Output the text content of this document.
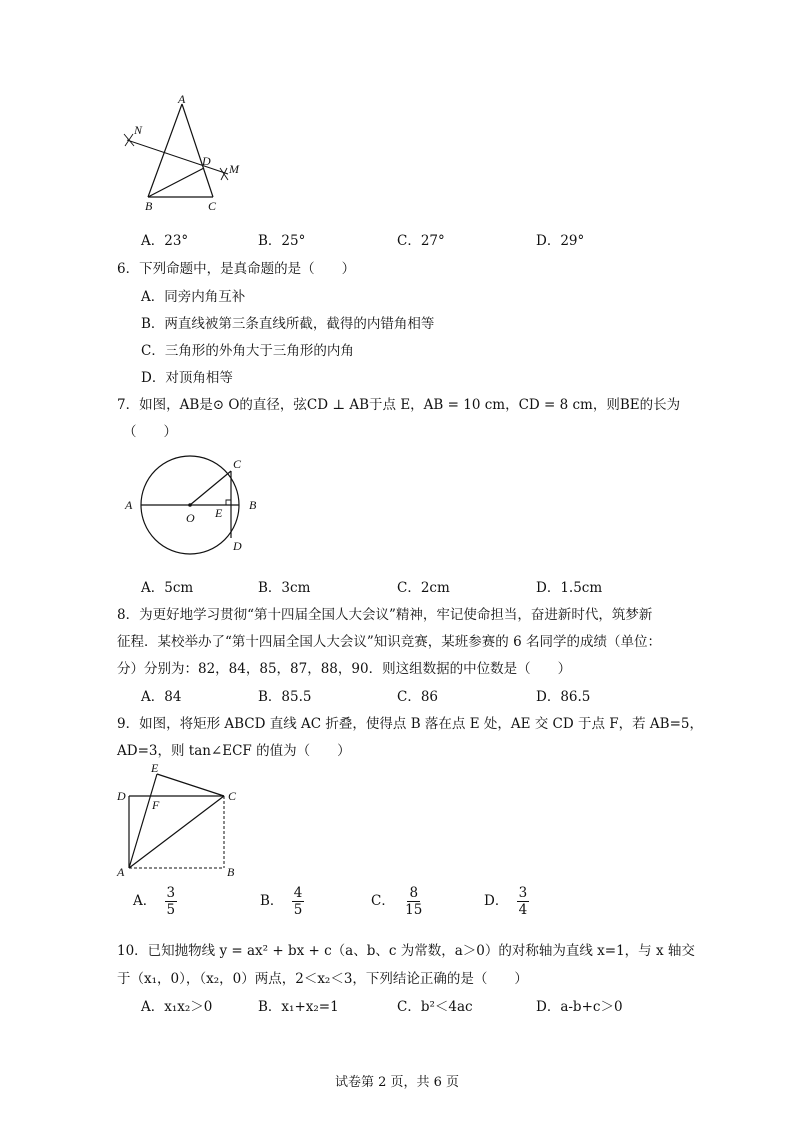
A
N
D
M
B	C
A．23°	B．25°	C．27°	D．29°
6．下列命题中，是真命题的是（　　）
A．同旁内角互补
B．两直线被第三条直线所截，截得的内错角相等
C．三角形的外角大于三角形的内角
D．对顶角相等
7．如图，AB是⊙ O的直径，弦CD ⊥ AB于点 E，AB = 10 cm，CD = 8 cm，则BE的长为
（　　）
A
O E
B
C
D
A．5cm	B．3cm	C．2cm	D．1.5cm
8．为更好地学习贯彻“第十四届全国人大会议”精神，牢记使命担当，奋进新时代，筑梦新
征程．某校举办了“第十四届全国人大会议”知识竞赛，某班参赛的 6 名同学的成绩（单位：
分）分别为：82，84，85，87，88，90．则这组数据的中位数是（　　）
A．84	B．85.5	C．86	D．86.5
9．如图，将矩形 ABCD 直线 AC 折叠，使得点 B 落在点 E 处，AE 交 CD 于点 F，若 AB=5，
AD=3，则 tan∠ECF 的值为（　　）
E
D
F
C
A	B
A． $\frac{3}{5}$	B． $\frac{4}{5}$	C． $\frac{8}{15}$	D． $\frac{3}{4}$
10．已知抛物线 y = ax² + bx + c（a、b、c 为常数，a＞0）的对称轴为直线 x=1，与 x 轴交
于（x₁，0），（x₂，0）两点，2＜x₂＜3，下列结论正确的是（　　）
A．x₁x₂＞0	B．x₁+x₂=1	C．b²＜4ac	D．a-b+c＞0
试卷第 2 页，共 6 页
